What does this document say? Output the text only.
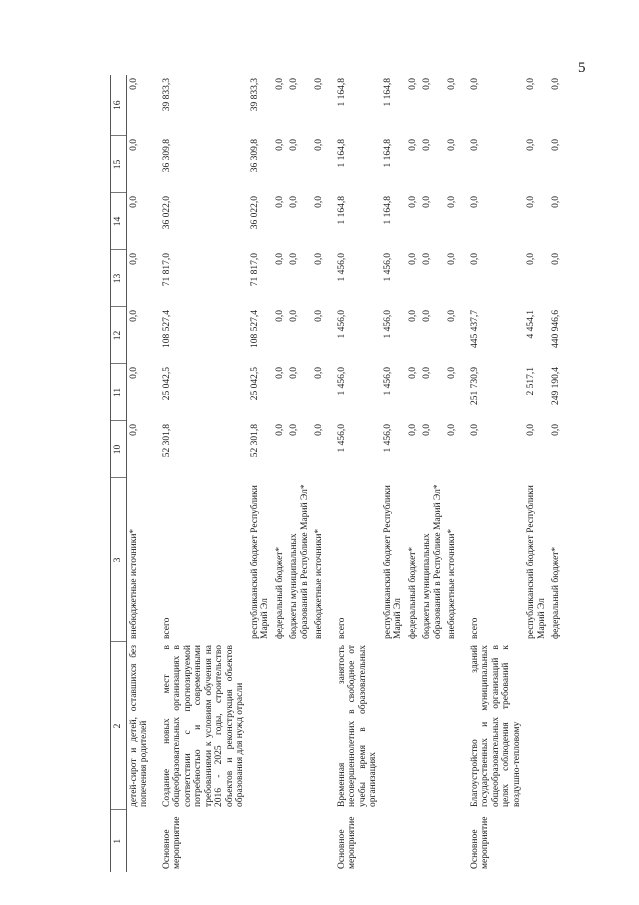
5
1	2	3	10	11	12	13	14	15	16
	детей-сирот и детей, оставшихся без попечения родителей	внебюджетные источники*	0,0	0,0	0,0	0,0	0,0	0,0	0,0
Основное мероприятие	Создание новых мест в общеобразовательных организациях в соответствии с прогнозируемой потребностью и современными требованиями к условиям обучения на 2016 - 2025 годы, строительство объектов и реконструкция объектов образования для нужд отрасли	всего	52 301,8	25 042,5	108 527,4	71 817,0	36 022,0	36 309,8	39 833,3
		республиканский бюджет Республики Марий Эл	52 301,8	25 042,5	108 527,4	71 817,0	36 022,0	36 309,8	39 833,3
		федеральный бюджет*	0,0	0,0	0,0	0,0	0,0	0,0	0,0
		бюджеты муниципальных образований в Республике Марий Эл*	0,0	0,0	0,0	0,0	0,0	0,0	0,0
		внебюджетные источники*	0,0	0,0	0,0	0,0	0,0	0,0	0,0
Основное мероприятие	Временная занятость несовершеннолетних в свободное от учебы время в образовательных организациях	всего	1 456,0	1 456,0	1 456,0	1 456,0	1 164,8	1 164,8	1 164,8
		республиканский бюджет Республики Марий Эл	1 456,0	1 456,0	1 456,0	1 456,0	1 164,8	1 164,8	1 164,8
		федеральный бюджет*	0,0	0,0	0,0	0,0	0,0	0,0	0,0
		бюджеты муниципальных образований в Республике Марий Эл*	0,0	0,0	0,0	0,0	0,0	0,0	0,0
		внебюджетные источники*	0,0	0,0	0,0	0,0	0,0	0,0	0,0
Основное мероприятие	Благоустройство зданий государственных и муниципальных общеобразовательных организаций в целях соблюдения требований к воздушно-тепловому	всего	0,0	251 730,9	445 437,7	0,0	0,0	0,0	0,0
		республиканский бюджет Республики Марий Эл	0,0	2 517,1	4 454,1	0,0	0,0	0,0	0,0
		федеральный бюджет*	0,0	249 190,4	440 946,6	0,0	0,0	0,0	0,0
